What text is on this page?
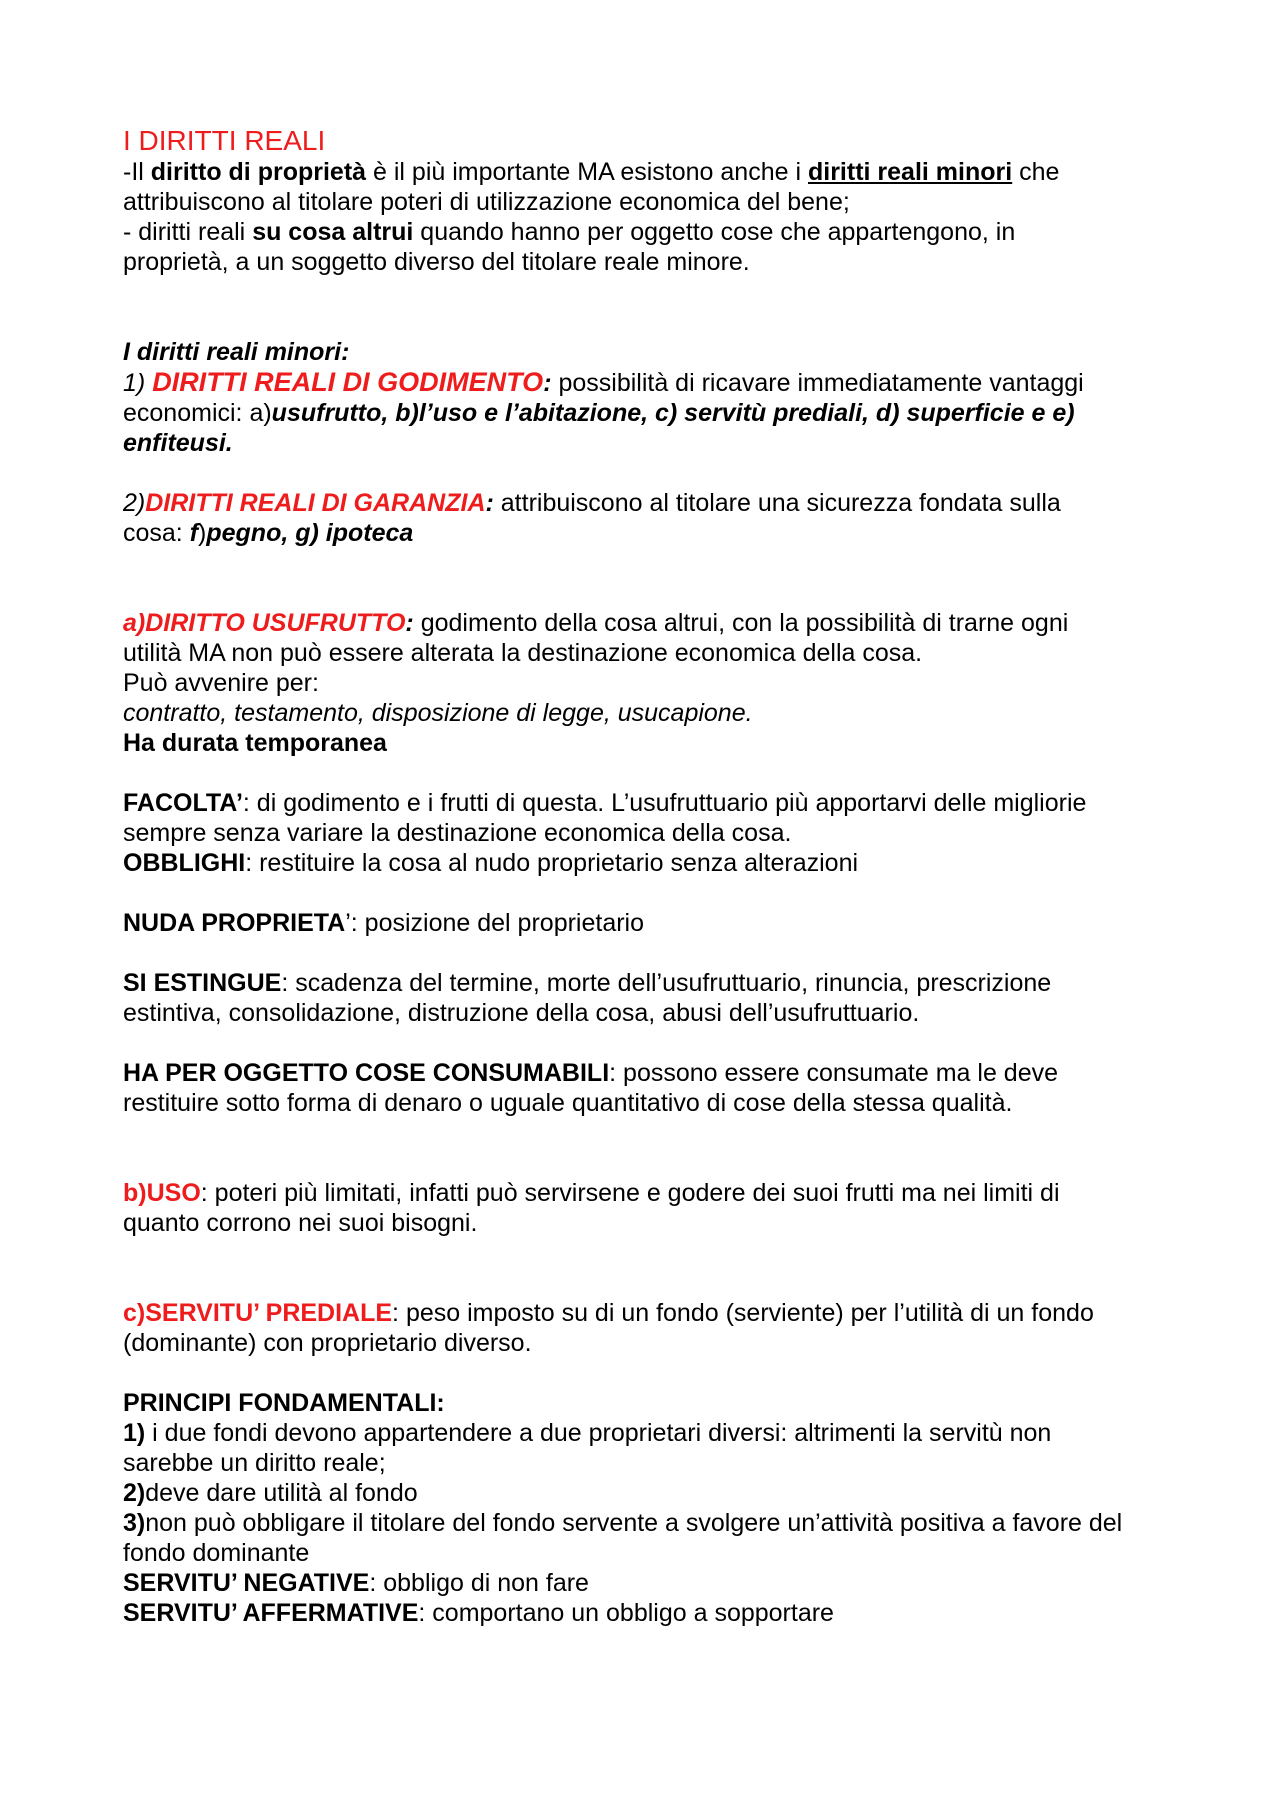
I DIRITTI REALI

-Il diritto di proprietà è il più importante MA esistono anche i diritti reali minori che

attribuiscono al titolare poteri di utilizzazione economica del bene;

- diritti reali su cosa altrui quando hanno per oggetto cose che appartengono, in

proprietà, a un soggetto diverso del titolare reale minore.

I diritti reali minori:

1) DIRITTI REALI DI GODIMENTO: possibilità di ricavare immediatamente vantaggi

economici: a)usufrutto, b)l’uso e l’abitazione, c) servitù prediali, d) superficie e e)

enfiteusi.

2)DIRITTI REALI DI GARANZIA: attribuiscono al titolare una sicurezza fondata sulla

cosa: f)pegno, g) ipoteca

a)DIRITTO USUFRUTTO: godimento della cosa altrui, con la possibilità di trarne ogni

utilità MA non può essere alterata la destinazione economica della cosa.

Può avvenire per:

contratto, testamento, disposizione di legge, usucapione.

Ha durata temporanea

FACOLTA’: di godimento e i frutti di questa. L’usufruttuario più apportarvi delle migliorie

sempre senza variare la destinazione economica della cosa.

OBBLIGHI: restituire la cosa al nudo proprietario senza alterazioni

NUDA PROPRIETA’: posizione del proprietario

SI ESTINGUE: scadenza del termine, morte dell’usufruttuario, rinuncia, prescrizione

estintiva, consolidazione, distruzione della cosa, abusi dell’usufruttuario.

HA PER OGGETTO COSE CONSUMABILI: possono essere consumate ma le deve

restituire sotto forma di denaro o uguale quantitativo di cose della stessa qualità.

b)USO: poteri più limitati, infatti può servirsene e godere dei suoi frutti ma nei limiti di

quanto corrono nei suoi bisogni.

c)SERVITU’ PREDIALE: peso imposto su di un fondo (serviente) per l’utilità di un fondo

(dominante) con proprietario diverso.

PRINCIPI FONDAMENTALI:

1) i due fondi devono appartendere a due proprietari diversi: altrimenti la servitù non

sarebbe un diritto reale;

2)deve dare utilità al fondo

3)non può obbligare il titolare del fondo servente a svolgere un’attività positiva a favore del

fondo dominante

SERVITU’ NEGATIVE: obbligo di non fare

SERVITU’ AFFERMATIVE: comportano un obbligo a sopportare
